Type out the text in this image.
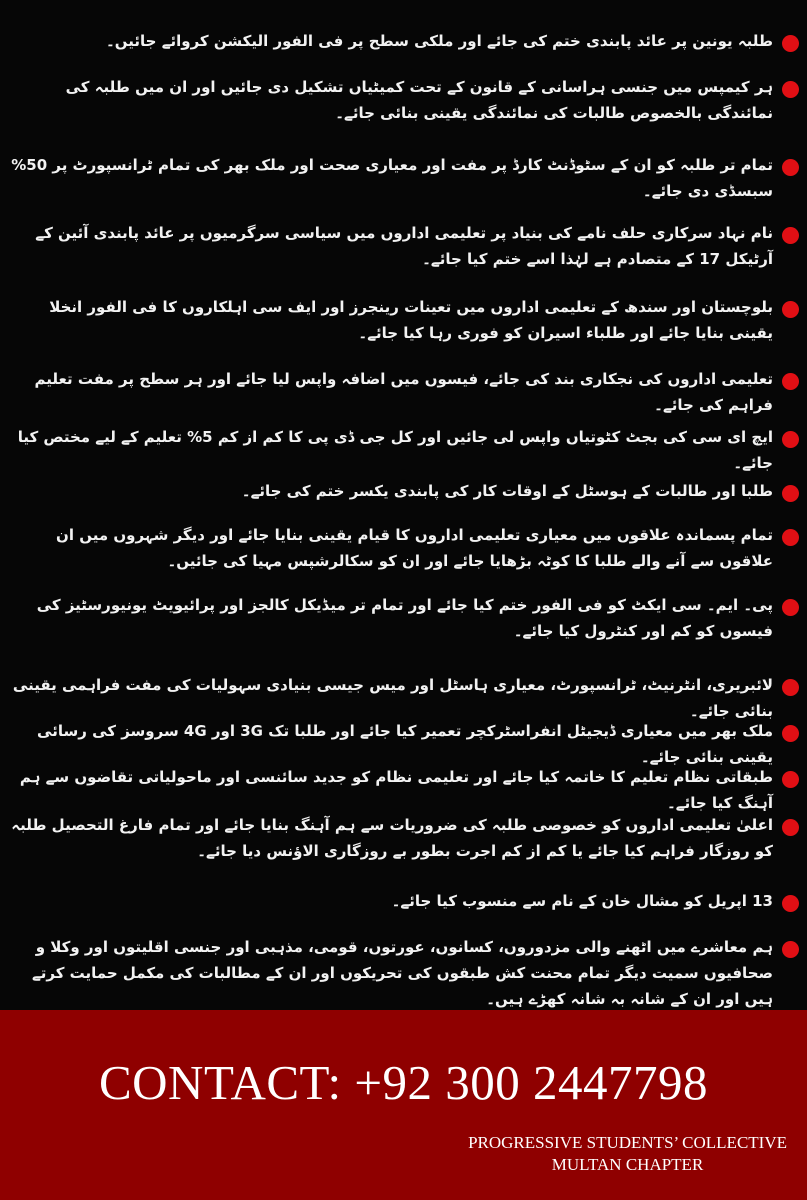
طلبہ یونین پر عائد پابندی ختم کی جائے اور ملکی سطح پر فی الفور الیکشن کروائے جائیں۔
ہر کیمپس میں جنسی ہراسانی کے قانون کے تحت کمیٹیاں تشکیل دی جائیں اور ان میں طلبہ کی نمائندگی بالخصوص طالبات کی نمائندگی یقینی بنائی جائے۔
تمام تر طلبہ کو ان کے سٹوڈنٹ کارڈ پر مفت اور معیاری صحت اور ملک بھر کی تمام ٹرانسپورٹ پر 50% سبسڈی دی جائے۔
نام نہاد سرکاری حلف نامے کی بنیاد پر تعلیمی اداروں میں سیاسی سرگرمیوں پر عائد پابندی آئین کے آرٹیکل 17 کے متصادم ہے لہٰذا اسے ختم کیا جائے۔
بلوچستان اور سندھ کے تعلیمی اداروں میں تعینات رینجرز اور ایف سی اہلکاروں کا فی الفور انخلا یقینی بنایا جائے اور طلباء اسیران کو فوری رہا کیا جائے۔
تعلیمی اداروں کی نجکاری بند کی جائے، فیسوں میں اضافہ واپس لیا جائے اور ہر سطح پر مفت تعلیم فراہم کی جائے۔
ایچ ای سی کی بجٹ کٹوتیاں واپس لی جائیں اور کل جی ڈی پی کا کم از کم 5% تعلیم کے لیے مختص کیا جائے۔
طلبا اور طالبات کے ہوسٹل کے اوقات کار کی پابندی یکسر ختم کی جائے۔
تمام پسماندہ علاقوں میں معیاری تعلیمی اداروں کا قیام یقینی بنایا جائے اور دیگر شہروں میں ان علاقوں سے آنے والے طلبا کا کوٹہ بڑھایا جائے اور ان کو سکالرشپس مہیا کی جائیں۔
پی۔ ایم۔ سی ایکٹ کو فی الفور ختم کیا جائے اور تمام تر میڈیکل کالجز اور پرائیویٹ یونیورسٹیز کی فیسوں کو کم اور کنٹرول کیا جائے۔
لائبریری، انٹرنیٹ، ٹرانسپورٹ، معیاری ہاسٹل اور میس جیسی بنیادی سہولیات کی مفت فراہمی یقینی بنائی جائے۔
ملک بھر میں معیاری ڈیجیٹل انفراسٹرکچر تعمیر کیا جائے اور طلبا تک 3G اور 4G سروسز کی رسائی یقینی بنائی جائے۔
طبقاتی نظام تعلیم کا خاتمہ کیا جائے اور تعلیمی نظام کو جدید سائنسی اور ماحولیاتی تقاضوں سے ہم آہنگ کیا جائے۔
اعلیٰ تعلیمی اداروں کو خصوصی طلبہ کی ضروریات سے ہم آہنگ بنایا جائے اور تمام فارغ التحصیل طلبہ کو روزگار فراہم کیا جائے یا کم از کم اجرت بطور بے روزگاری الاؤنس دیا جائے۔
13 اپریل کو مشال خان کے نام سے منسوب کیا جائے۔
ہم معاشرے میں اٹھنے والی مزدوروں، کسانوں، عورتوں، قومی، مذہبی اور جنسی اقلیتوں اور وکلا و صحافیوں سمیت دیگر تمام محنت کش طبقوں کی تحریکوں اور ان کے مطالبات کی مکمل حمایت کرتے ہیں اور ان کے شانہ بہ شانہ کھڑے ہیں۔
CONTACT: +92 300 2447798
PROGRESSIVE STUDENTS’ COLLECTIVE
MULTAN CHAPTER
